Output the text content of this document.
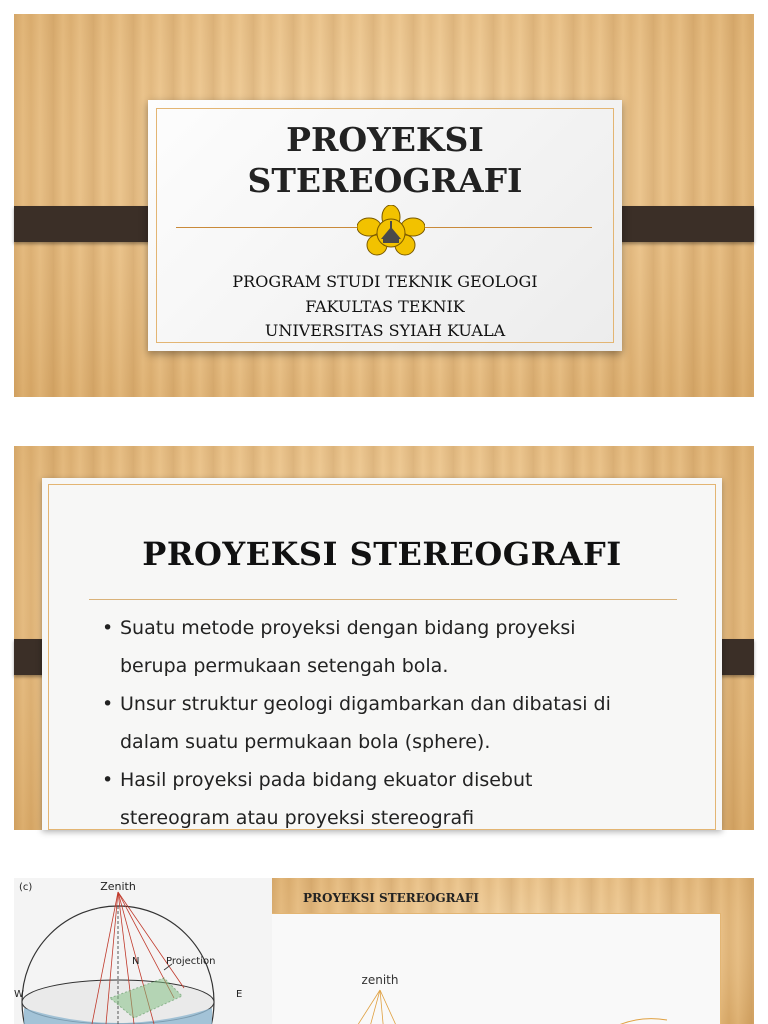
PROYEKSI
STEREOGRAFI
PROGRAM STUDI TEKNIK GEOLOGI
FAKULTAS TEKNIK
UNIVERSITAS SYIAH KUALA
PROYEKSI STEREOGRAFI
• Suatu metode proyeksi dengan bidang proyeksi
berupa permukaan setengah bola.
• Unsur struktur geologi digambarkan dan dibatasi di
dalam suatu permukaan bola (sphere).
• Hasil proyeksi pada bidang ekuator disebut
stereogram atau proyeksi stereografi
(c)	Zenith
N	Projection
W	E
PROYEKSI STEREOGRAFI
zenith
